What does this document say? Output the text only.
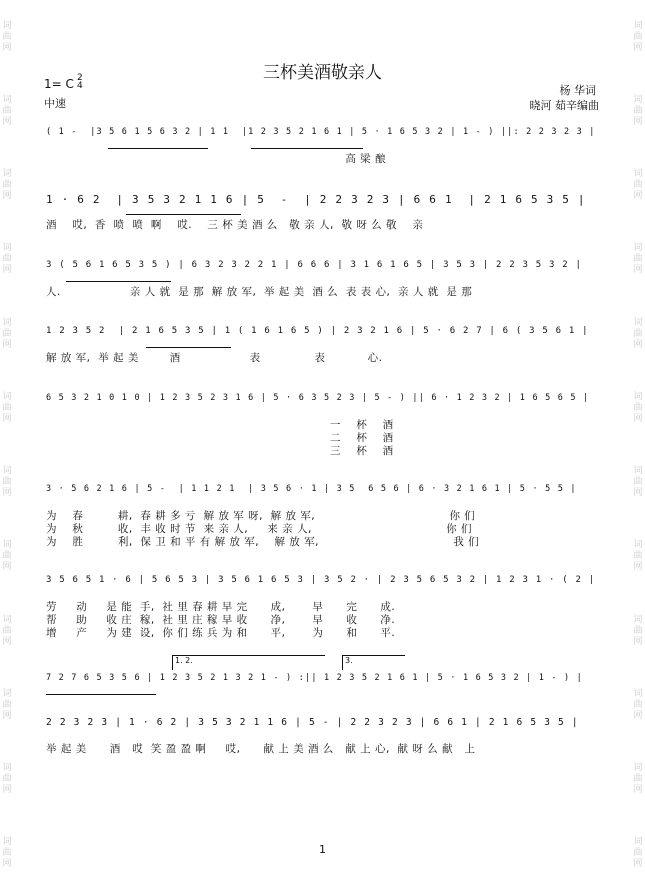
词曲网
词曲网
词曲网
词曲网
词曲网
词曲网
词曲网
词曲网
词曲网
词曲网
词曲网
词曲网
词曲网
词曲网
词曲网
词曲网
词曲网
词曲网
词曲网
词曲网
词曲网
词曲网
词曲网
词曲网
三杯美酒敬亲人
1= C 2
4
中速
杨 华词
晓河 茹辛编曲
( 1 -  |3 5 6 1 5 6 3 2 | 1 1  |1 2 3 5 2 1 6 1 | 5 · 1 6 5 3 2 | 1 - ) ||: 2 2 3 2 3 |
高 梁 酿
1 · 6 2  | 3 5 3 2 1 1 6 | 5  -  | 2 2 3 2 3 | 6 6 1  | 2 1 6 5 3 5 |
酒    哎,  香  喷  喷  啊    哎.    三 杯 美 酒 么   敬 亲 人,  敬 呀 么 敬    亲
3 ( 5 6 1 6 5 3 5 ) | 6 3 2 3 2 2 1 | 6 6 6 | 3 1 6 1 6 5 | 3 5 3 | 2 2 3 5 3 2 |
人.                  亲 人 就  是 那  解 放 军,  举 起 美  酒 么  表 表 心,  亲 人 就  是 那
1 2 3 5 2  | 2 1 6 5 3 5 | 1 ( 1 6 1 6 5 ) | 2 3 2 1 6 | 5 · 6 2 7 | 6 ( 3 5 6 1 |
解 放 军,  举 起 美        酒                  表              表           心.
6 5 3 2 1 0 1 0 | 1 2 3 5 2 3 1 6 | 5 · 6 3 5 2 3 | 5 - ) || 6 · 1 2 3 2 | 1 6 5 6 5 |
一    杯    酒
二    杯    酒
三    杯    酒
3 · 5 6 2 1 6 | 5 -  | 1 1 2 1  | 3 5 6 · 1 | 3 5  6 5 6 | 6 · 3 2 1 6 1 | 5 · 5 5 |
为    春         耕,  春 耕 多 亏  解 放 军 呀,  解 放 军,                                   你 们
为    秋         收,  丰 收 时 节  来 亲 人,     来 亲 人,                                   你 们
为    胜         利,  保 卫 和 平 有 解 放 军,    解 放 军,                                   我 们
3 5 6 5 1 · 6 | 5 6 5 3 | 3 5 6 1 6 5 3 | 3 5 2 · | 2 3 5 6 5 3 2 | 1 2 3 1 · ( 2 |
劳     动     是 能  手,  社 里 春 耕 早 完      成,       早      完      成.
帮     助     收 庄  稼,  社 里 庄 稼 早 收      净,       早      收      净.
增     产     为 建  设,  你 们 练 兵 为 和      平,       为      和      平.
1. 2.	3.
7 2 7 6 5 3 5 6 | 1 2 3 5 2 1 3 2 1 - ) :|| 1 2 3 5 2 1 6 1 | 5 · 1 6 5 3 2 | 1 - ) |
2 2 3 2 3 | 1 · 6 2 | 3 5 3 2 1 1 6 | 5 - | 2 2 3 2 3 | 6 6 1 | 2 1 6 5 3 5 |
举 起 美      酒   哎  笑 盈 盈 啊     哎,      献 上 美 酒 么   献 上 心,  献 呀 么 献   上
1
